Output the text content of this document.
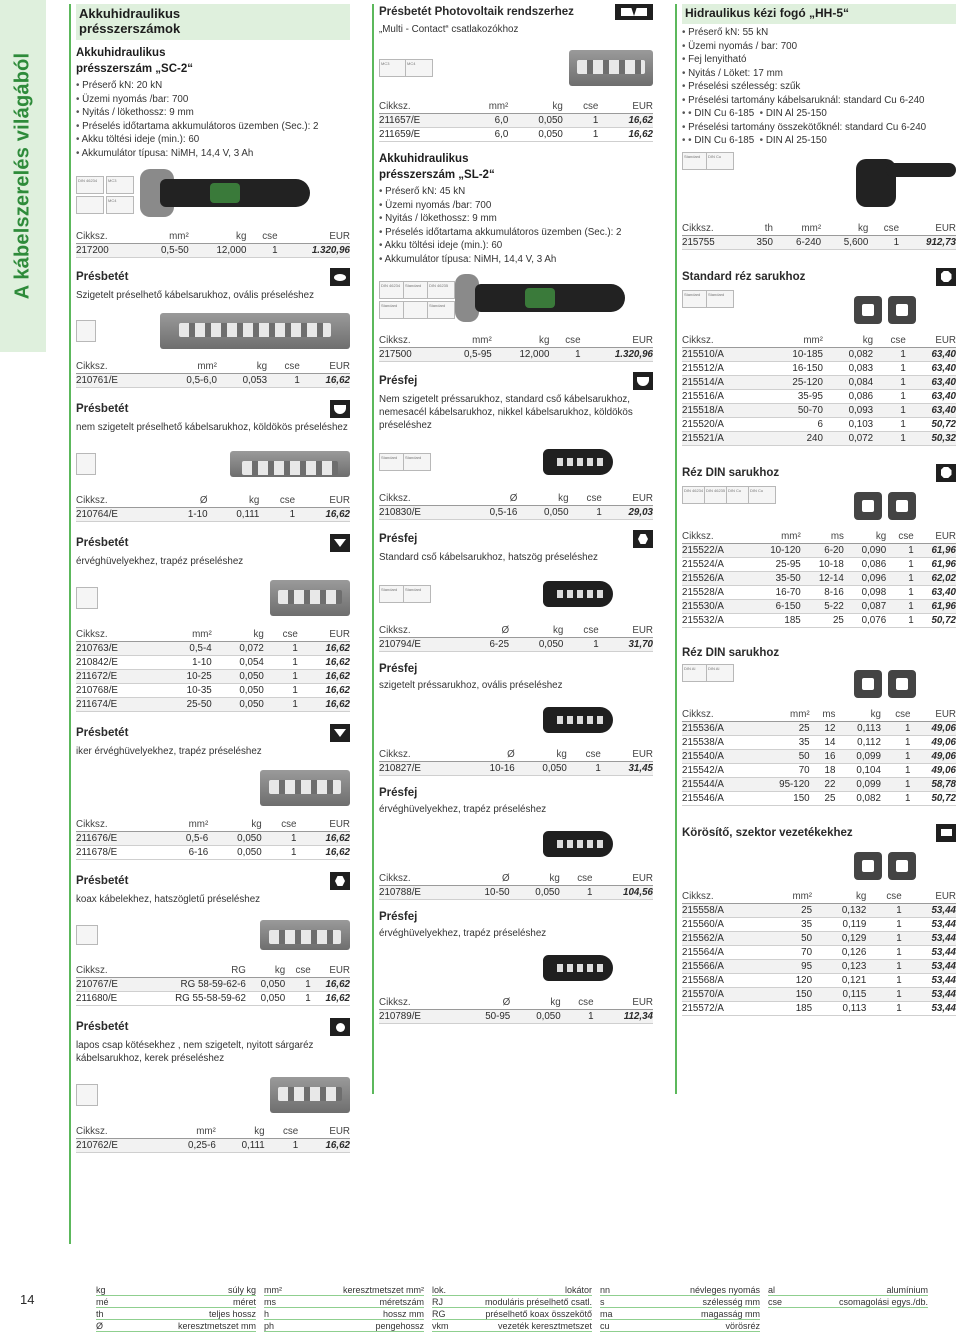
A kábelszerelés világából
Akkuhidraulikus
présszerszámok
Akkuhidraulikus
présszerszám „SC-2“
• Préserő kN: 20 kN
• Üzemi nyomás /bar: 700
• Nyitás / lökethossz: 9 mm
• Préselés időtartama akkumulátoros üzemben (Sec.): 2
• Akku töltési ideje (min.): 60
• Akkumulátor típusa: NiMH, 14,4 V, 3 Ah
DIN 46234	MC3
MC4
Cikksz.	mm²	kg	cse	EUR
217200	0,5-50	12,000	1	1.320,96
Présbetét
Szigetelt préselhető kábelsarukhoz, ovális préseléshez
Cikksz.	mm²	kg	cse	EUR
210761/E	0,5-6,0	0,053	1	16,62
Présbetét
nem szigetelt préselhető kábelsarukhoz, köldökös préseléshez
Cikksz.	Ø	kg	cse	EUR
210764/E	1-10	0,111	1	16,62
Présbetét
érvéghüvelyekhez, trapéz préseléshez
Cikksz.	mm²	kg	cse	EUR
210763/E	0,5-4	0,072	1	16,62
210842/E	1-10	0,054	1	16,62
211672/E	10-25	0,050	1	16,62
210768/E	10-35	0,050	1	16,62
211674/E	25-50	0,050	1	16,62
Présbetét
iker érvéghüvelyekhez, trapéz préseléshez
Cikksz.	mm²	kg	cse	EUR
211676/E	0,5-6	0,050	1	16,62
211678/E	6-16	0,050	1	16,62
Présbetét
koax kábelekhez, hatszögletű préseléshez
Cikksz.	RG	kg	cse	EUR
210767/E	RG 58-59-62-6	0,050	1	16,62
211680/E	RG 55-58-59-62	0,050	1	16,62
Présbetét
lapos csap kötésekhez , nem szigetelt, nyitott sárgaréz kábelsarukhoz, kerek préseléshez
Cikksz.	mm²	kg	cse	EUR
210762/E	0,25-6	0,111	1	16,62
Présbetét Photovoltaik rendszerhez
„Multi - Contact“ csatlakozókhoz
MC3	MC4
Cikksz.	mm²	kg	cse	EUR
211657/E	6,0	0,050	1	16,62
211659/E	6,0	0,050	1	16,62
Akkuhidraulikus
présszerszám „SL-2“
• Préserő kN: 45 kN
• Üzemi nyomás /bar: 700
• Nyitás / lökethossz: 9 mm
• Préselés időtartama akkumulátoros üzemben (Sec.): 2
• Akku töltési ideje (min.): 60
• Akkumulátor típusa: NiMH, 14,4 V, 3 Ah
DIN 46234	Standard	DIN 46235
Standard	Standard
Cikksz.	mm²	kg	cse	EUR
217500	0,5-95	12,000	1	1.320,96
Présfej
Nem szigetelt préssarukhoz, standard cső kábelsarukhoz, nemesacél kábelsarukhoz, nikkel kábelsarukhoz, köldökös préseléshez
Standard	Standard
Cikksz.	Ø	kg	cse	EUR
210830/E	0,5-16	0,050	1	29,03
Présfej
Standard cső kábelsarukhoz, hatszög préseléshez
Standard	Standard
Cikksz.	Ø	kg	cse	EUR
210794/E	6-25	0,050	1	31,70
Présfej
szigetelt préssarukhoz, ovális préseléshez
Cikksz.	Ø	kg	cse	EUR
210827/E	10-16	0,050	1	31,45
Présfej
érvéghüvelyekhez, trapéz préseléshez
Cikksz.	Ø	kg	cse	EUR
210788/E	10-50	0,050	1	104,56
Présfej
érvéghüvelyekhez, trapéz préseléshez
Cikksz.	Ø	kg	cse	EUR
210789/E	50-95	0,050	1	112,34
Hidraulikus kézi fogó „HH-5“
• Préserő kN: 55 kN
• Üzemi nyomás / bar: 700
• Fej lenyitható
• Nyitás / Löket: 17 mm
• Préselési szélesség: szűk
• Préselési tartomány kábelsaruknál: standard Cu 6-240
• • DIN Cu 6-185 • DIN Al 25-150
• Préselési tartomány összekötőknél: standard Cu 6-240
• • DIN Cu 6-185 • DIN Al 25-150
Standard	DIN Cu
Cikksz.	th	mm²	kg	cse	EUR
215755	350	6-240	5,600	1	912,73
Standard réz sarukhoz
Standard	Standard
Cikksz.	mm²	kg	cse	EUR
215510/A	10-185	0,082	1	63,40
215512/A	16-150	0,083	1	63,40
215514/A	25-120	0,084	1	63,40
215516/A	35-95	0,086	1	63,40
215518/A	50-70	0,093	1	63,40
215520/A	6	0,103	1	50,72
215521/A	240	0,072	1	50,32
Réz DIN sarukhoz
DIN 46234 DIN 46235 DIN Cu	DIN Cu
Cikksz.	mm²	ms	kg	cse	EUR
215522/A	10-120	6-20	0,090	1	61,96
215524/A	25-95	10-18	0,086	1	61,96
215526/A	35-50	12-14	0,096	1	62,02
215528/A	16-70	8-16	0,098	1	63,40
215530/A	6-150	5-22	0,087	1	61,96
215532/A	185	25	0,076	1	50,72
Réz DIN sarukhoz
DIN Al	DIN Al
Cikksz.	mm²	ms	kg	cse	EUR
215536/A	25	12	0,113	1	49,06
215538/A	35	14	0,112	1	49,06
215540/A	50	16	0,099	1	49,06
215542/A	70	18	0,104	1	49,06
215544/A	95-120	22	0,099	1	58,78
215546/A	150	25	0,082	1	50,72
Körösítő, szektor vezetékekhez
Cikksz.	mm²	kg	cse	EUR
215558/A	25	0,132	1	53,44
215560/A	35	0,119	1	53,44
215562/A	50	0,129	1	53,44
215564/A	70	0,126	1	53,44
215566/A	95	0,123	1	53,44
215568/A	120	0,121	1	53,44
215570/A	150	0,115	1	53,44
215572/A	185	0,113	1	53,44
14
kg	súly kg
mé	méret
th	teljes hossz
Ø	keresztmetszet mm
mm²	keresztmetszet mm²
ms	méretszám
h	hossz mm
ph	pengehossz
lok.	lokátor
RJ	moduláris préselhető csatl.
RG	préselhető koax összekötő
vkm	vezeték keresztmetszet
nn	névleges nyomás
s	szélesség mm
ma	magasság mm
cu	vörösréz
al	alumínium
cse	csomagolási egys./db.
